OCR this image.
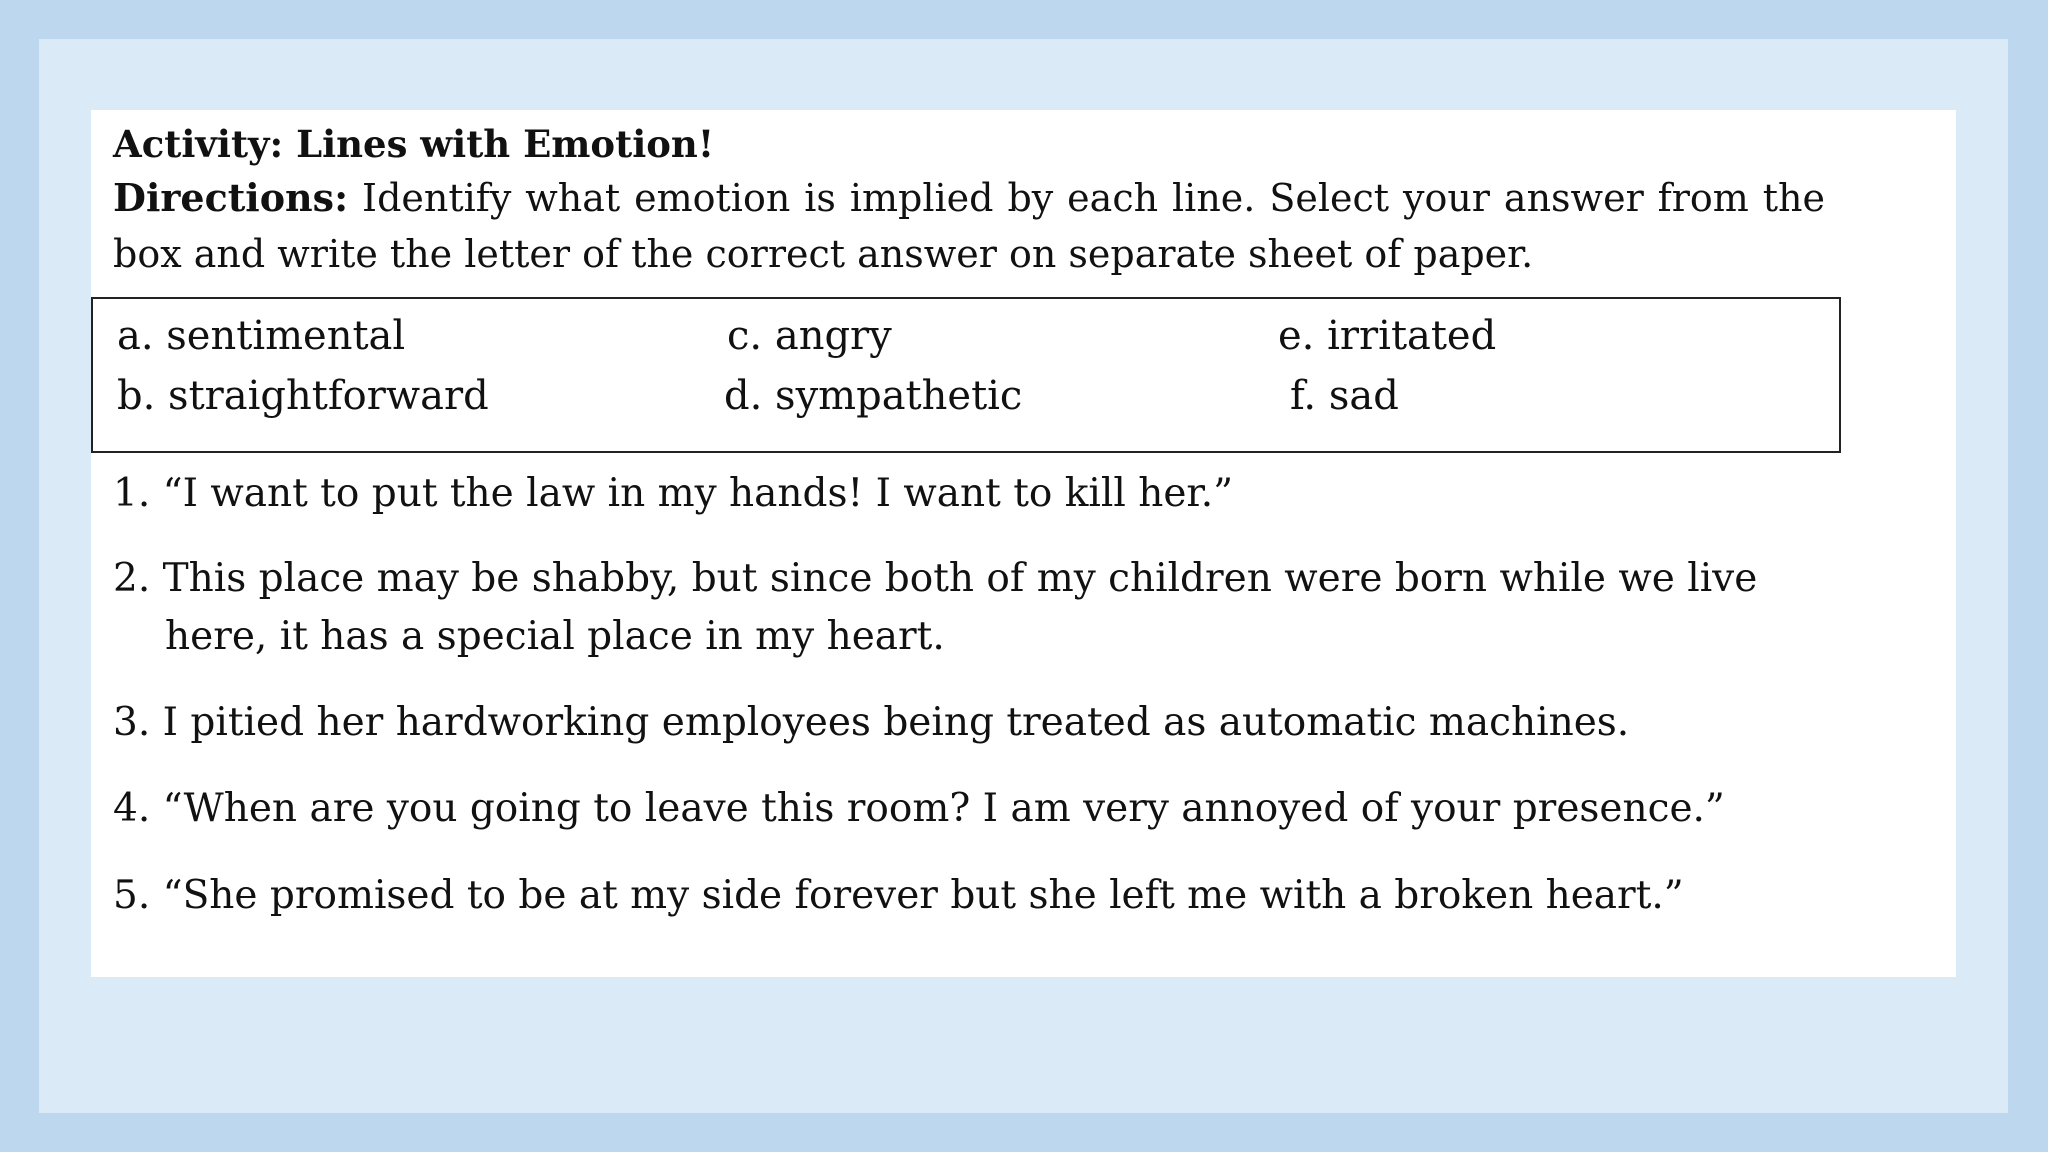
Activity: Lines with Emotion!

Directions: Identify what emotion is implied by each line. Select your answer from the box and write the letter of the correct answer on separate sheet of paper.

a. sentimental	c. angry	e. irritated
b. straightforward	d. sympathetic	f. sad

1. “I want to put the law in my hands! I want to kill her.”

2. This place may be shabby, but since both of my children were born while we live
here, it has a special place in my heart.

3. I pitied her hardworking employees being treated as automatic machines.

4. “When are you going to leave this room? I am very annoyed of your presence.”

5. “She promised to be at my side forever but she left me with a broken heart.”
